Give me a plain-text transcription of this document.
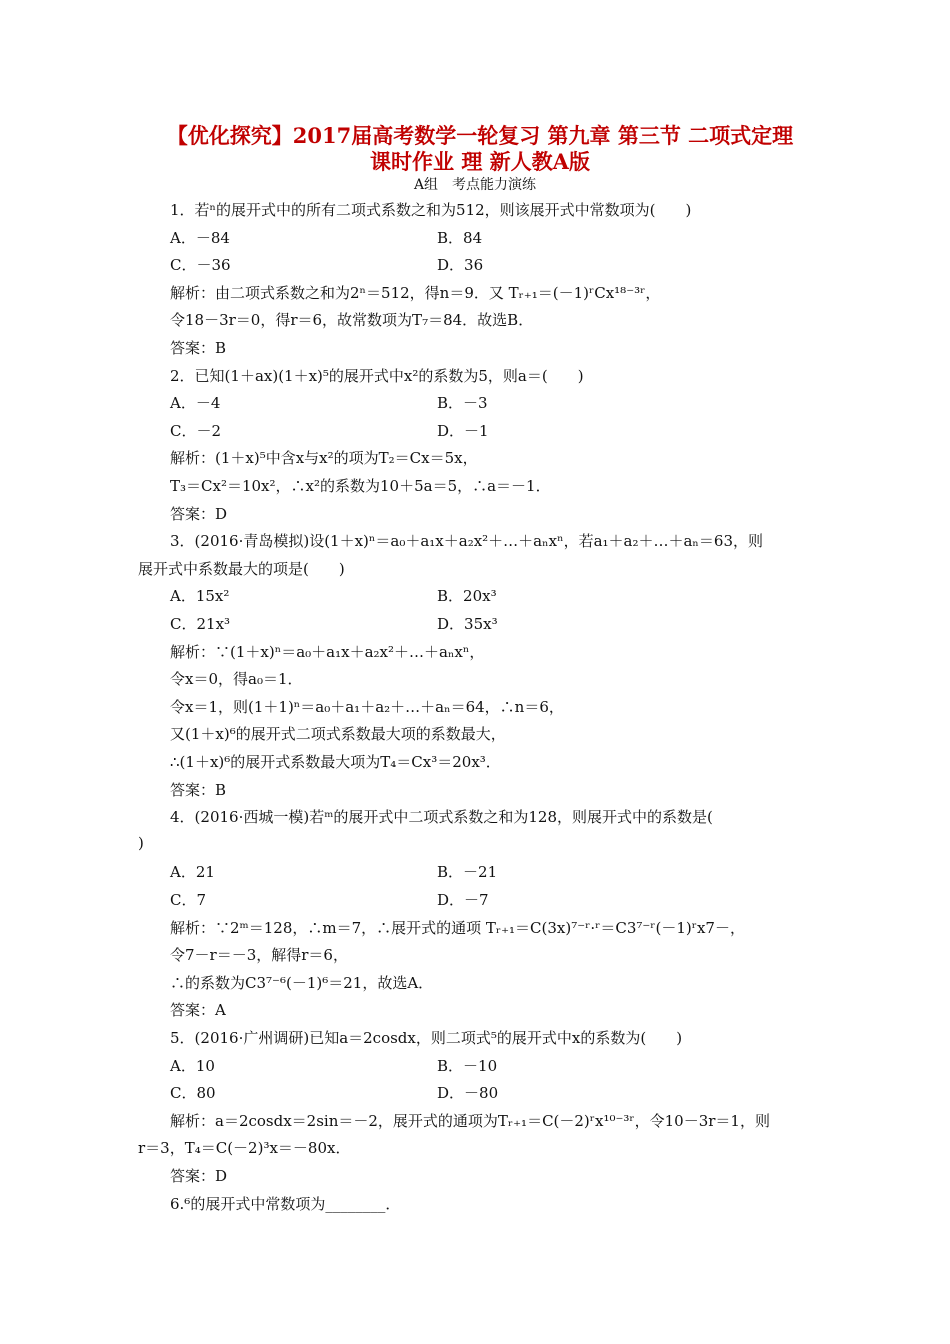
【优化探究】2017届高考数学一轮复习 第九章 第三节 二项式定理
课时作业 理 新人教A版
A组　考点能力演练
1．若ⁿ的展开式中的所有二项式系数之和为512，则该展开式中常数项为(　　)
A．－84	B．84
C．－36	D．36
解析：由二项式系数之和为2ⁿ＝512，得n＝9．又 Tᵣ₊₁＝(－1)ʳCx¹⁸⁻³ʳ，
令18－3r＝0，得r＝6，故常数项为T₇＝84．故选B．
答案：B
2．已知(1＋ax)(1＋x)⁵的展开式中x²的系数为5，则a＝(　　)
A．－4	B．－3
C．－2	D．－1
解析：(1＋x)⁵中含x与x²的项为T₂＝Cx＝5x，
T₃＝Cx²＝10x²，∴x²的系数为10＋5a＝5，∴a＝－1．
答案：D
3．(2016·青岛模拟)设(1＋x)ⁿ＝a₀＋a₁x＋a₂x²＋…＋aₙxⁿ，若a₁＋a₂＋…＋aₙ＝63，则
展开式中系数最大的项是(　　)
A．15x²	B．20x³
C．21x³	D．35x³
解析：∵(1＋x)ⁿ＝a₀＋a₁x＋a₂x²＋…＋aₙxⁿ，
令x＝0，得a₀＝1．
令x＝1，则(1＋1)ⁿ＝a₀＋a₁＋a₂＋…＋aₙ＝64，∴n＝6，
又(1＋x)⁶的展开式二项式系数最大项的系数最大，
∴(1＋x)⁶的展开式系数最大项为T₄＝Cx³＝20x³．
答案：B
4．(2016·西城一模)若ᵐ的展开式中二项式系数之和为128，则展开式中的系数是(
)
A．21	B．－21
C．7	D．－7
解析：∵2ᵐ＝128，∴m＝7，∴展开式的通项 Tᵣ₊₁＝C(3x)⁷⁻ʳ·ʳ＝C3⁷⁻ʳ(－1)ʳx7－，
令7－r＝－3，解得r＝6，
∴的系数为C3⁷⁻⁶(－1)⁶＝21，故选A．
答案：A
5．(2016·广州调研)已知a＝2cosdx，则二项式⁵的展开式中x的系数为(　　)
A．10	B．－10
C．80	D．－80
解析：a＝2cosdx＝2sin＝－2，展开式的通项为Tᵣ₊₁＝C(－2)ʳx¹⁰⁻³ʳ，令10－3r＝1，则
r＝3，T₄＝C(－2)³x＝－80x．
答案：D
6.⁶的展开式中常数项为________．
